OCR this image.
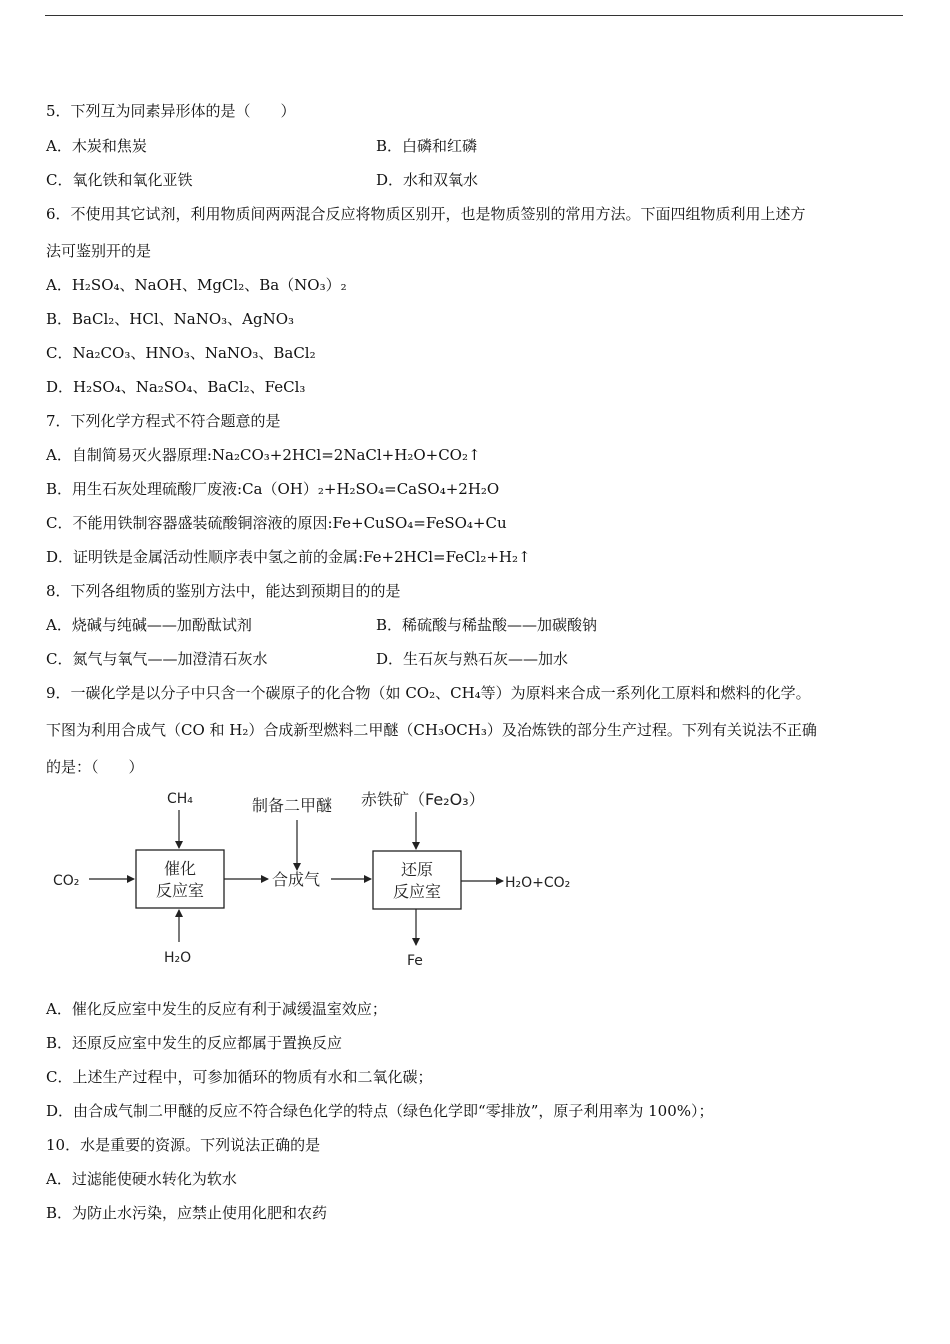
5．下列互为同素异形体的是（　　）
A．木炭和焦炭	B．白磷和红磷
C．氧化铁和氧化亚铁	D．水和双氧水
6．不使用其它试剂，利用物质间两两混合反应将物质区别开，也是物质签别的常用方法。下面四组物质利用上述方
法可鉴别开的是
A．H₂SO₄、NaOH、MgCl₂、Ba（NO₃）₂
B．BaCl₂、HCl、NaNO₃、AgNO₃
C．Na₂CO₃、HNO₃、NaNO₃、BaCl₂
D．H₂SO₄、Na₂SO₄、BaCl₂、FeCl₃
7．下列化学方程式不符合题意的是
A．自制简易灭火器原理:Na₂CO₃+2HCl=2NaCl+H₂O+CO₂↑
B．用生石灰处理硫酸厂废液:Ca（OH）₂+H₂SO₄=CaSO₄+2H₂O
C．不能用铁制容器盛装硫酸铜溶液的原因:Fe+CuSO₄=FeSO₄+Cu
D．证明铁是金属活动性顺序表中氢之前的金属:Fe+2HCl=FeCl₂+H₂↑
8．下列各组物质的鉴别方法中，能达到预期目的的是
A．烧碱与纯碱——加酚酞试剂	B．稀硫酸与稀盐酸——加碳酸钠
C．氮气与氧气——加澄清石灰水	D．生石灰与熟石灰——加水
9．一碳化学是以分子中只含一个碳原子的化合物（如 CO₂、CH₄等）为原料来合成一系列化工原料和燃料的化学。
下图为利用合成气（CO 和 H₂）合成新型燃料二甲醚（CH₃OCH₃）及冶炼铁的部分生产过程。下列有关说法不正确
的是：（　　）
CH₄	制备二甲醚 赤铁矿（Fe₂O₃）
CO₂
催化
反应室
合成气
还原
反应室	H₂O+CO₂
H₂O	Fe
A．催化反应室中发生的反应有利于减缓温室效应；
B．还原反应室中发生的反应都属于置换反应
C．上述生产过程中，可参加循环的物质有水和二氧化碳；
D．由合成气制二甲醚的反应不符合绿色化学的特点（绿色化学即“零排放”，原子利用率为 100%）；
10．水是重要的资源。下列说法正确的是
A．过滤能使硬水转化为软水
B．为防止水污染，应禁止使用化肥和农药
